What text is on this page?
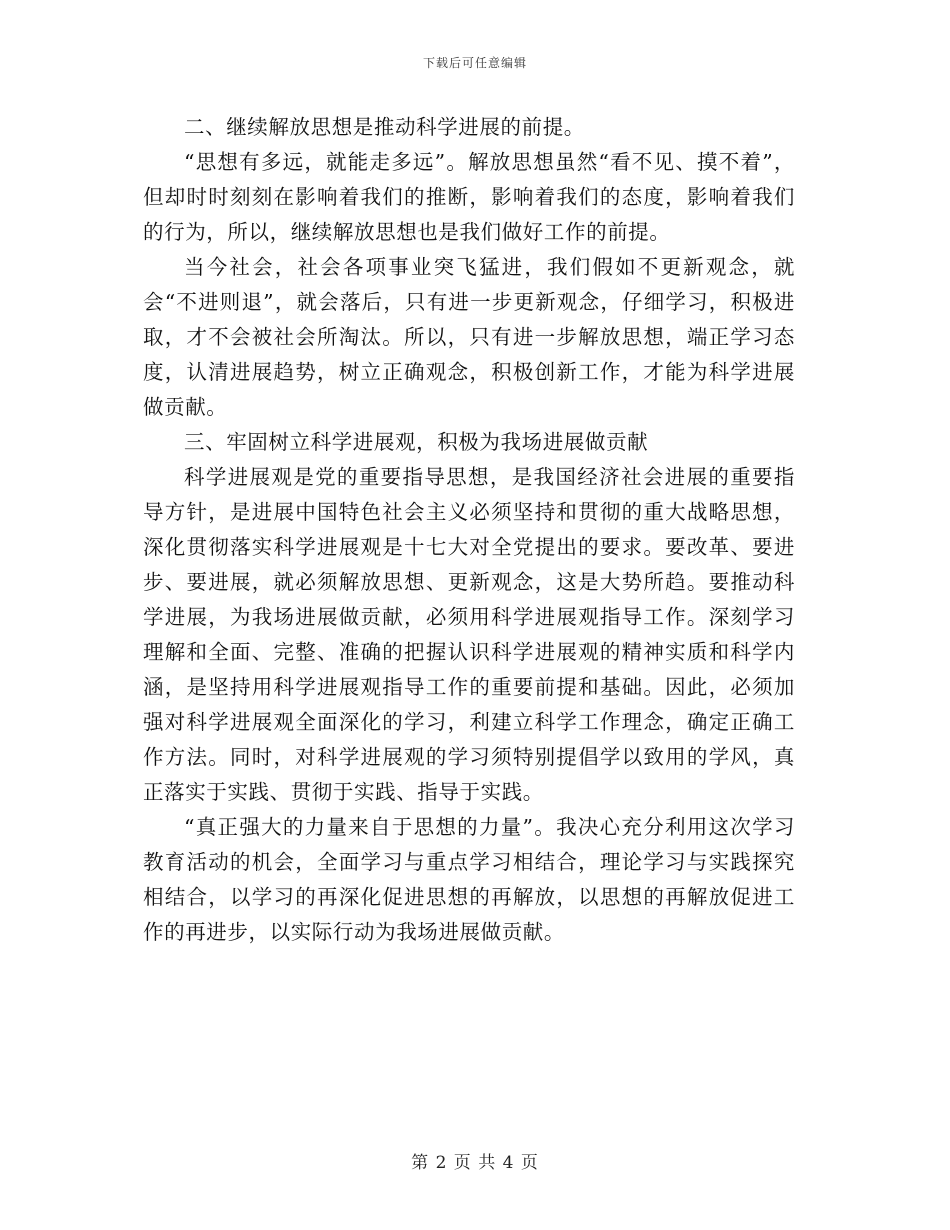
下载后可任意编辑

二、继续解放思想是推动科学进展的前提。

“思想有多远，就能走多远”。解放思想虽然“看不见、摸不着”，但却时时刻刻在影响着我们的推断，影响着我们的态度，影响着我们的行为，所以，继续解放思想也是我们做好工作的前提。

当今社会，社会各项事业突飞猛进，我们假如不更新观念，就会“不进则退”，就会落后，只有进一步更新观念，仔细学习，积极进取，才不会被社会所淘汰。所以，只有进一步解放思想，端正学习态度，认清进展趋势，树立正确观念，积极创新工作，才能为科学进展做贡献。

三、牢固树立科学进展观，积极为我场进展做贡献

科学进展观是党的重要指导思想，是我国经济社会进展的重要指导方针，是进展中国特色社会主义必须坚持和贯彻的重大战略思想，深化贯彻落实科学进展观是十七大对全党提出的要求。要改革、要进步、要进展，就必须解放思想、更新观念，这是大势所趋。要推动科学进展，为我场进展做贡献，必须用科学进展观指导工作。深刻学习理解和全面、完整、准确的把握认识科学进展观的精神实质和科学内涵，是坚持用科学进展观指导工作的重要前提和基础。因此，必须加强对科学进展观全面深化的学习，利建立科学工作理念，确定正确工作方法。同时，对科学进展观的学习须特别提倡学以致用的学风，真正落实于实践、贯彻于实践、指导于实践。

“真正强大的力量来自于思想的力量”。我决心充分利用这次学习教育活动的机会，全面学习与重点学习相结合，理论学习与实践探究相结合，以学习的再深化促进思想的再解放，以思想的再解放促进工作的再进步，以实际行动为我场进展做贡献。

第 2 页 共 4 页
